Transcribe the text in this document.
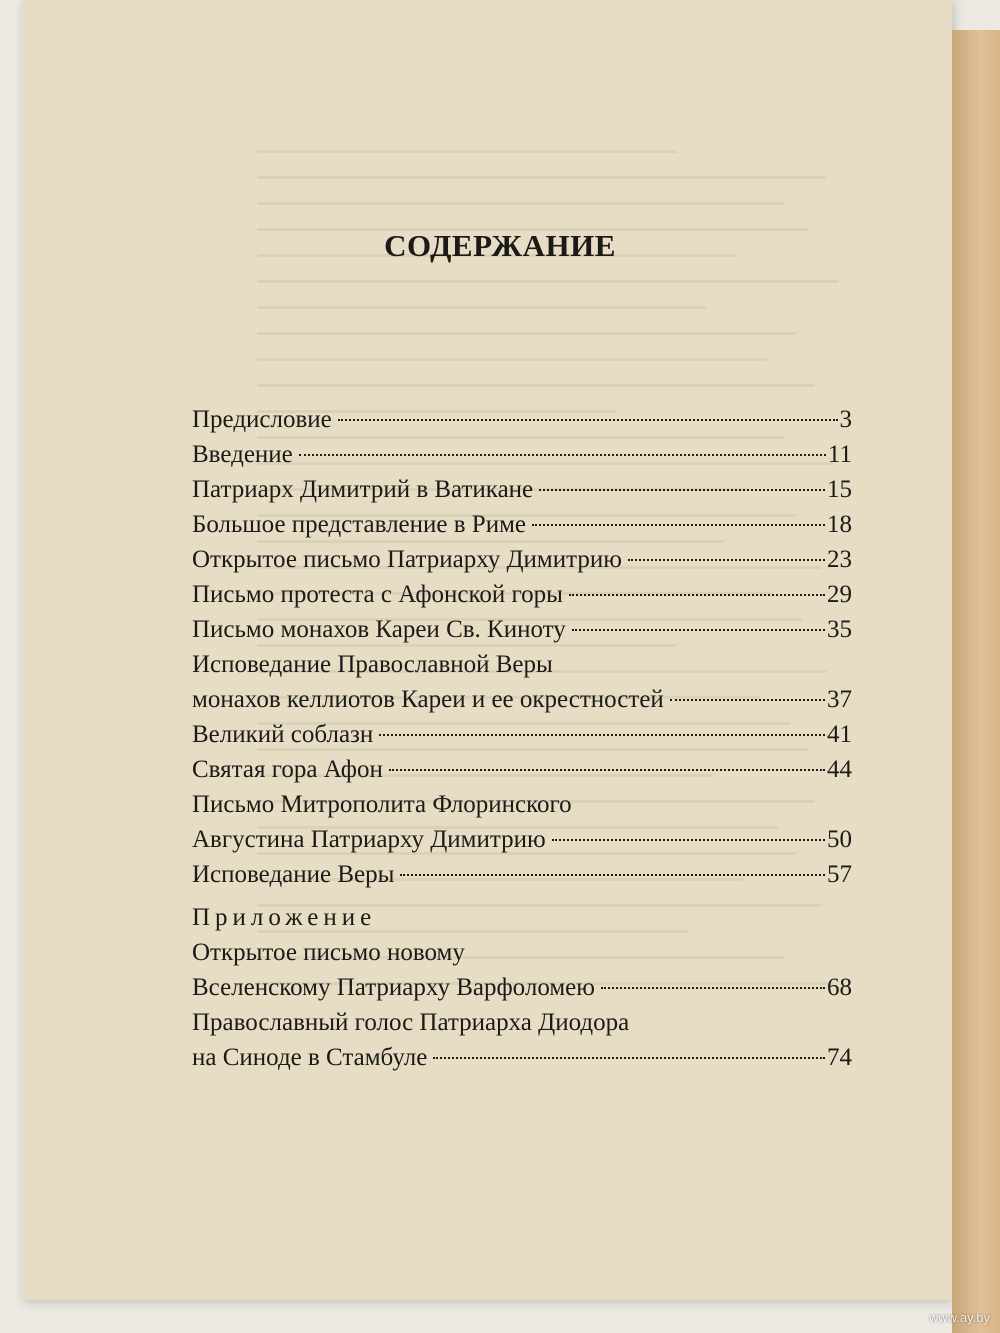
СОДЕРЖАНИЕ
Предисловие	3
Введение	11
Патриарх Димитрий в Ватикане	15
Большое представление в Риме	18
Открытое письмо Патриарху Димитрию	23
Письмо протеста с Афонской горы	29
Письмо монахов Кареи Св. Киноту	35
Исповедание Православной Веры
монахов келлиотов Кареи и ее окрестностей	37
Великий соблазн	41
Святая гора Афон	44
Письмо Митрополита Флоринского
Августина Патриарху Димитрию	50
Исповедание Веры	57
Приложение
Открытое письмо новому
Вселенскому Патриарху Варфоломею	68
Православный голос Патриарха Диодора
на Синоде в Стамбуле	74
www.ay.by
